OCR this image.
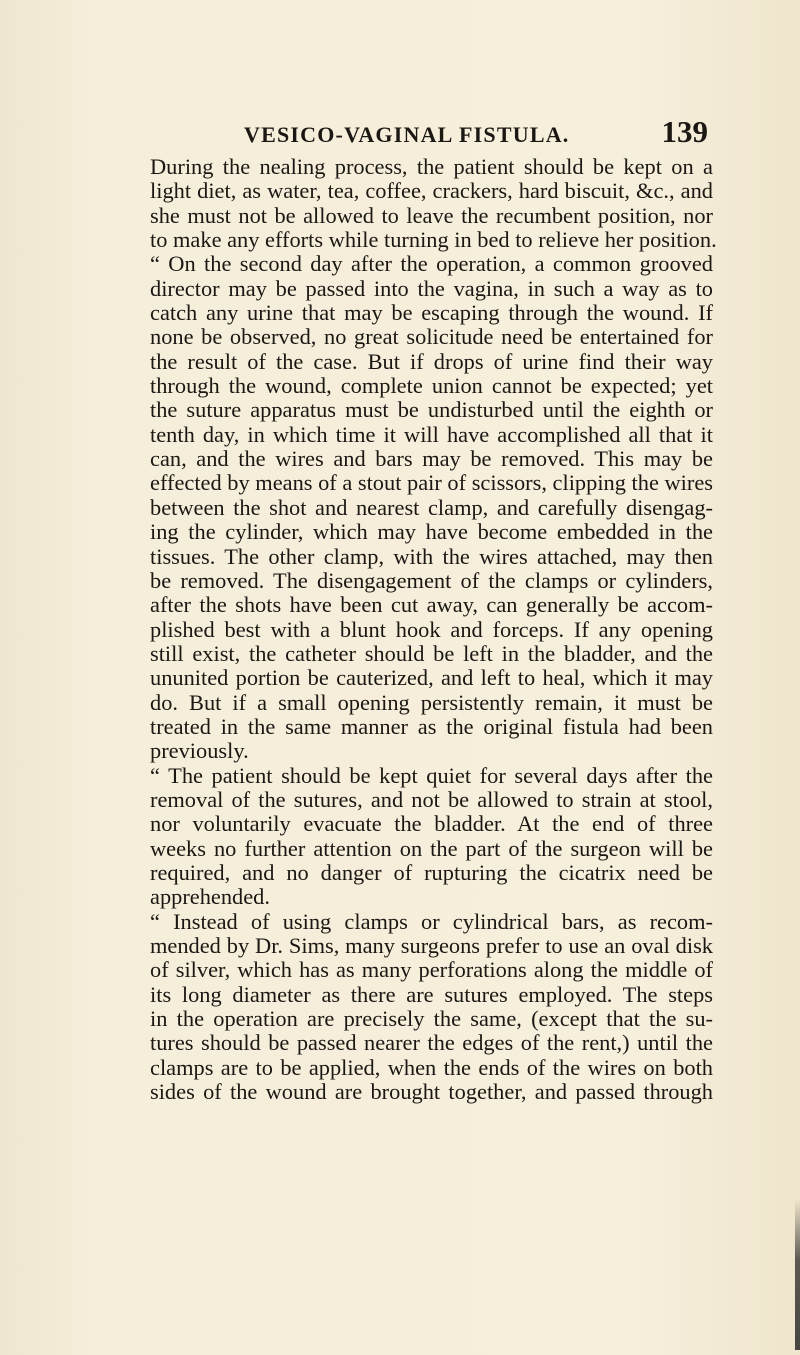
VESICO-VAGINAL FISTULA.	139
During the nealing process, the patient should be kept on a
light diet, as water, tea, coffee, crackers, hard biscuit, &c., and
she must not be allowed to leave the recumbent position, nor
to make any efforts while turning in bed to relieve her position.
“ On the second day after the operation, a common grooved
director may be passed into the vagina, in such a way as to
catch any urine that may be escaping through the wound. If
none be observed, no great solicitude need be entertained for
the result of the case. But if drops of urine find their way
through the wound, complete union cannot be expected; yet
the suture apparatus must be undisturbed until the eighth or
tenth day, in which time it will have accomplished all that it
can, and the wires and bars may be removed. This may be
effected by means of a stout pair of scissors, clipping the wires
between the shot and nearest clamp, and carefully disengag-
ing the cylinder, which may have become embedded in the
tissues. The other clamp, with the wires attached, may then
be removed. The disengagement of the clamps or cylinders,
after the shots have been cut away, can generally be accom-
plished best with a blunt hook and forceps. If any opening
still exist, the catheter should be left in the bladder, and the
ununited portion be cauterized, and left to heal, which it may
do. But if a small opening persistently remain, it must be
treated in the same manner as the original fistula had been
previously.
“ The patient should be kept quiet for several days after the
removal of the sutures, and not be allowed to strain at stool,
nor voluntarily evacuate the bladder. At the end of three
weeks no further attention on the part of the surgeon will be
required, and no danger of rupturing the cicatrix need be
apprehended.
“ Instead of using clamps or cylindrical bars, as recom-
mended by Dr. Sims, many surgeons prefer to use an oval disk
of silver, which has as many perforations along the middle of
its long diameter as there are sutures employed. The steps
in the operation are precisely the same, (except that the su-
tures should be passed nearer the edges of the rent,) until the
clamps are to be applied, when the ends of the wires on both
sides of the wound are brought together, and passed through
